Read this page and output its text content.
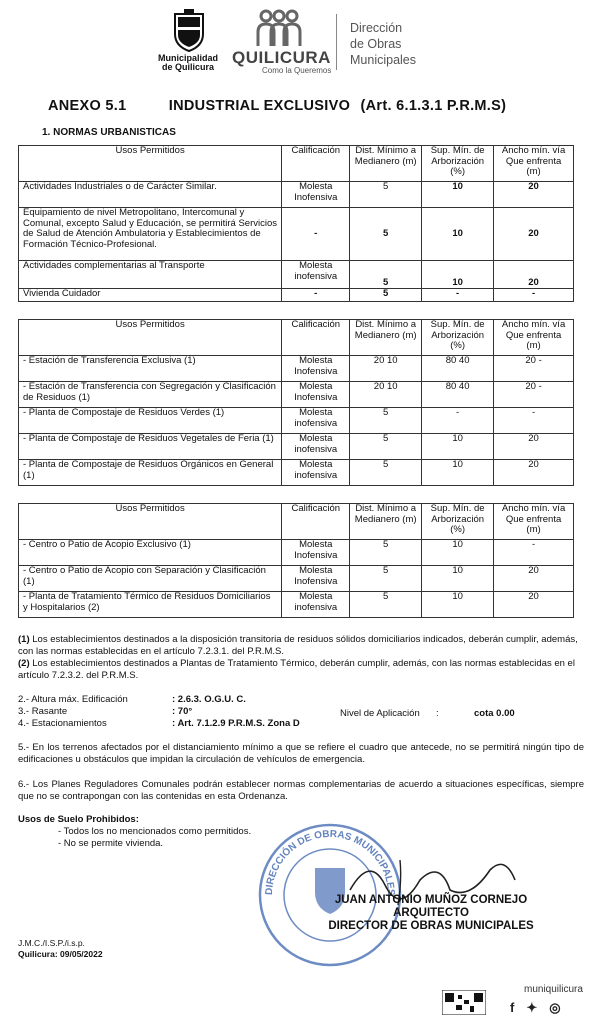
Municipalidad
de Quilicura	QUILICURA
Como la Queremos
Dirección
de Obras
Municipales
ANEXO 5.1	INDUSTRIAL EXCLUSIVO (Art. 6.1.3.1 P.R.M.S)
1. NORMAS URBANISTICAS
Usos Permitidos	Calificación	Dist. Mínimo a Medianero (m)	Sup. Mín. de Arborización (%)	Ancho mín. vía Que enfrenta (m)
Actividades Industriales o de Carácter Similar.	Molesta Inofensiva	5	10	20
Equipamiento de nivel Metropolitano, Intercomunal y Comunal, excepto Salud y Educación, se permitirá Servicios de Salud de Atención Ambulatoria y Establecimientos de Formación Técnico-Profesional.	-	5	10	20
Actividades complementarias al Transporte	Molesta inofensiva	5	10	20
Vivienda Cuidador	-	5	-	-
Usos Permitidos	Calificación	Dist. Mínimo a Medianero (m)	Sup. Mín. de Arborización (%)	Ancho mín. vía Que enfrenta (m)
- Estación de Transferencia Exclusiva (1)	Molesta Inofensiva	20 10	80 40	20 -
- Estación de Transferencia con Segregación y Clasificación de Residuos (1)	Molesta Inofensiva	20 10	80 40	20 -
- Planta de Compostaje de Residuos Verdes (1)	Molesta inofensiva	5	-	-
- Planta de Compostaje de Residuos Vegetales de Feria (1)	Molesta inofensiva	5	10	20
- Planta de Compostaje de Residuos Orgánicos en General (1)	Molesta inofensiva	5	10	20
Usos Permitidos	Calificación	Dist. Mínimo a Medianero (m)	Sup. Mín. de Arborización (%)	Ancho mín. vía Que enfrenta (m)
- Centro o Patio de Acopio Exclusivo (1)	Molesta Inofensiva	5	10	-
- Centro o Patio de Acopio con Separación y Clasificación (1)	Molesta Inofensiva	5	10	20
- Planta de Tratamiento Térmico de Residuos Domiciliarios y Hospitalarios (2)	Molesta inofensiva	5	10	20

(1) Los establecimientos destinados a la disposición transitoria de residuos sólidos domiciliarios indicados, deberán cumplir, además, con las normas establecidas en el artículo 7.2.3.1. del P.R.M.S.

(2) Los establecimientos destinados a Plantas de Tratamiento Térmico, deberán cumplir, además, con las normas establecidas en el artículo 7.2.3.2. del P.R.M.S.

2.- Altura máx. Edificación	: 2.6.3. O.G.U. C.
3.- Rasante	: 70°	Nivel de Aplicación :	cota 0.00
4.- Estacionamientos	: Art. 7.1.2.9 P.R.M.S. Zona D
5.- En los terrenos afectados por el distanciamiento mínimo a que se refiere el cuadro que antecede, no se permitirá ningún tipo de edificaciones u obstáculos que impidan la circulación de vehículos de emergencia.
6.- Los Planes Reguladores Comunales podrán establecer normas complementarias de acuerdo a situaciones específicas, siempre que no se contrapongan con las contenidas en esta Ordenanza.
Usos de Suelo Prohibidos:
- Todos los no mencionados como permitidos.
- No se permite vivienda.
DIRECCIÓN DE OBRAS MUNICIPALES
JUAN ANTONIO MUÑOZ CORNEJO
ARQUITECTO
DIRECTOR DE OBRAS MUNICIPALES
J.M.C./I.S.P./i.s.p.
Quilicura: 09/05/2022
muniquilicura
f✦◎
